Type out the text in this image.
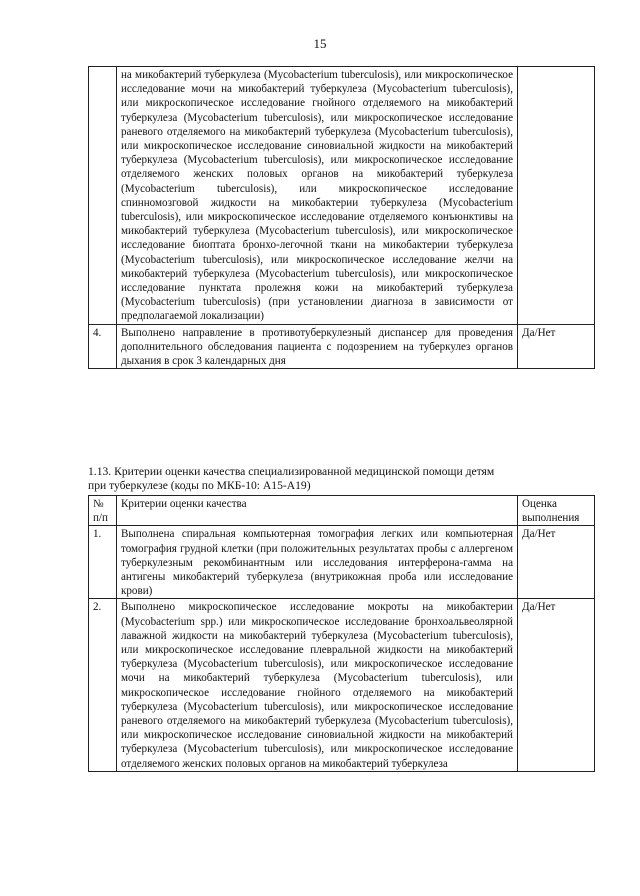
15
	на микобактерий туберкулеза (Mycobacterium tuberculosis), или микроскопическое исследование мочи на микобактерий туберкулеза (Mycobacterium tuberculosis), или микроскопическое исследование гнойного отделяемого на микобактерий туберкулеза (Mycobacterium tuberculosis), или микроскопическое исследование раневого отделяемого на микобактерий туберкулеза (Mycobacterium tuberculosis), или микроскопическое исследование синовиальной жидкости на микобактерий туберкулеза (Mycobacterium tuberculosis), или микроскопическое исследование отделяемого женских половых органов на микобактерий туберкулеза (Mycobacterium tuberculosis), или микроскопическое исследование спинномозговой жидкости на микобактерии туберкулеза (Mycobacterium tuberculosis), или микроскопическое исследование отделяемого конъюнктивы на микобактерий туберкулеза (Mycobacterium tuberculosis), или микроскопическое исследование биоптата бронхо-легочной ткани на микобактерии туберкулеза (Mycobacterium tuberculosis), или микроскопическое исследование желчи на микобактерий туберкулеза (Mycobacterium tuberculosis), или микроскопическое исследование пунктата пролежня кожи на микобактерий туберкулеза (Mycobacterium tuberculosis) (при установлении диагноза в зависимости от предполагаемой локализации)	
4.	Выполнено направление в противотуберкулезный диспансер для проведения дополнительного обследования пациента с подозрением на туберкулез органов дыхания в срок 3 календарных дня	Да/Нет
1.13. Критерии оценки качества специализированной медицинской помощи детям
при туберкулезе (коды по МКБ-10: A15-A19)
№ п/п	Критерии оценки качества	Оценка выполнения
1.	Выполнена спиральная компьютерная томография легких или компьютерная томография грудной клетки (при положительных результатах пробы с аллергеном туберкулезным рекомбинантным или исследования интерферона-гамма на антигены микобактерий туберкулеза (внутрикожная проба или исследование крови)	Да/Нет
2.	Выполнено микроскопическое исследование мокроты на микобактерии (Mycobacterium spp.) или микроскопическое исследование бронхоальвеолярной лаважной жидкости на микобактерий туберкулеза (Mycobacterium tuberculosis), или микроскопическое исследование плевральной жидкости на микобактерий туберкулеза (Mycobacterium tuberculosis), или микроскопическое исследование мочи на микобактерий туберкулеза (Mycobacterium tuberculosis), или микроскопическое исследование гнойного отделяемого на микобактерий туберкулеза (Mycobacterium tuberculosis), или микроскопическое исследование раневого отделяемого на микобактерий туберкулеза (Mycobacterium tuberculosis), или микроскопическое исследование синовиальной жидкости на микобактерий туберкулеза (Mycobacterium tuberculosis), или микроскопическое исследование отделяемого женских половых органов на микобактерий туберкулеза	Да/Нет
